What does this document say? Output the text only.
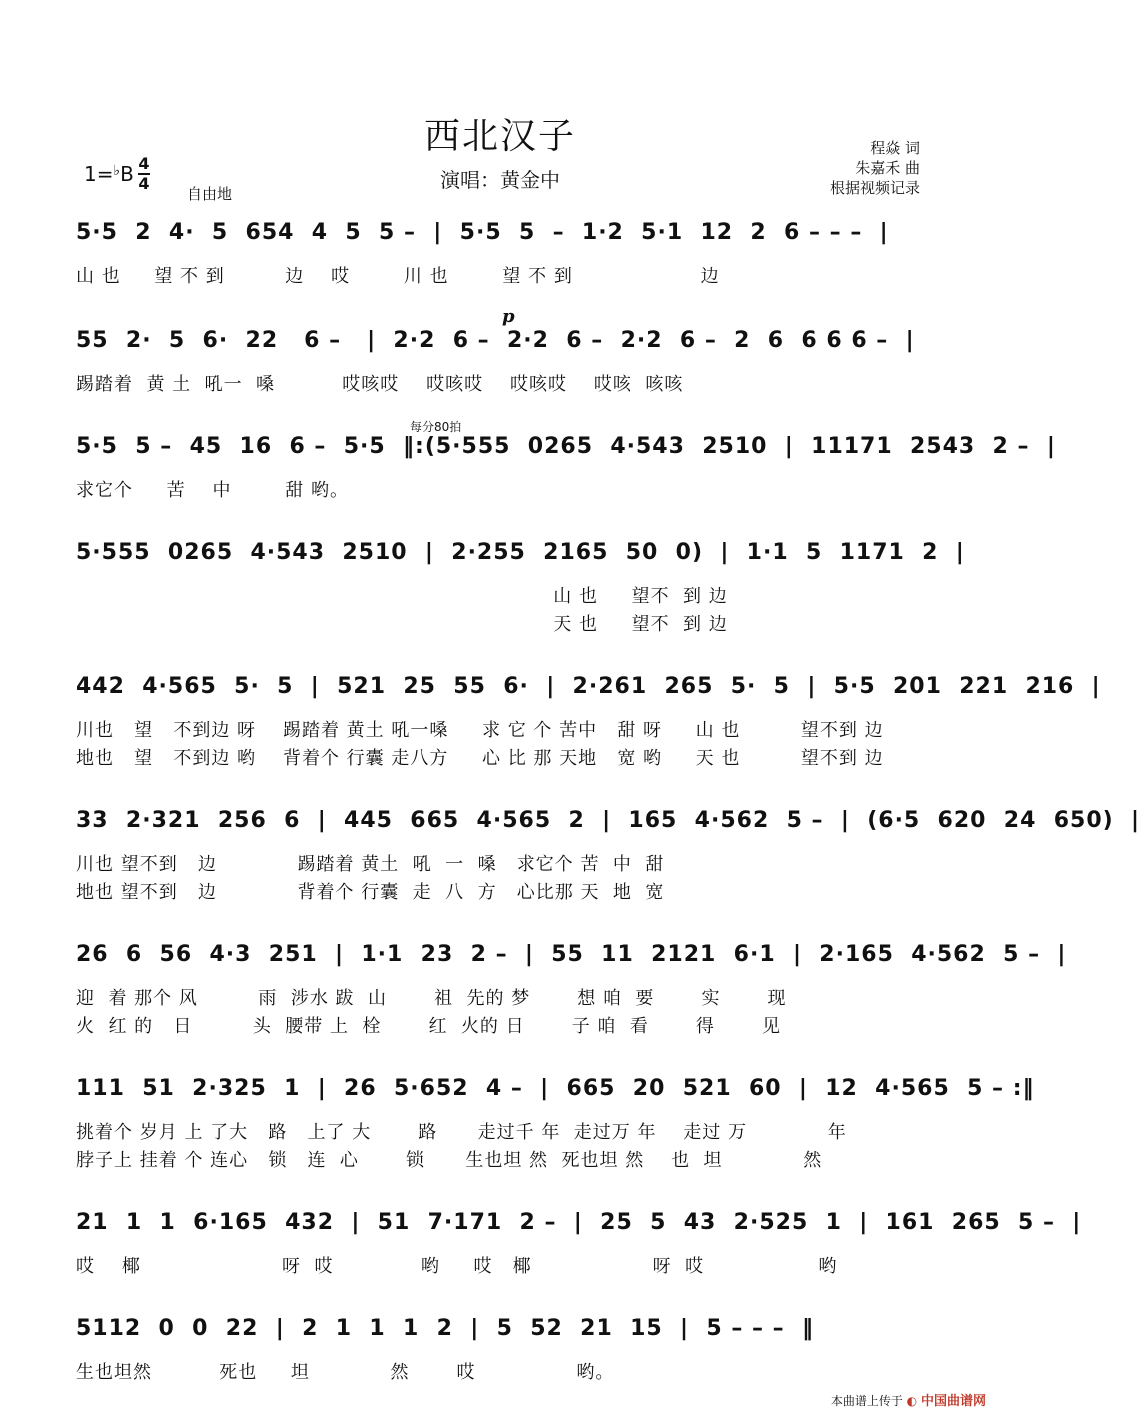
西北汉子
演唱：黄金中
程焱 词
朱嘉禾 曲
根据视频记录
1=♭B 4
4
自由地
每分80拍
p
5·5  2  4·  5  654  4  5  5 –  |  5·5  5  –  1·2  5·1  12  2  6 – – –  |
山 也     望 不 到         边    哎        川 也        望 不 到                   边
55  2·  5  6·  22   6 –   |  2·2  6 –  2·2  6 –  2·2  6 –  2  6  6 6 6 –  |
踢踏着  黄 土  吼一  嗓          哎咳哎    哎咳哎    哎咳哎    哎咳  咳咳
5·5  5 –  45  16  6 –  5·5  ‖:(5·555  0265  4·543  2510  |  11171  2543  2 –  |
求它个     苦    中        甜 哟。
5·555  0265  4·543  2510  |  2·255  2165  50  0)  |  1·1  5  1171  2  |
山 也     望不  到 边
天 也     望不  到 边
442  4·565  5·  5  |  521  25  55  6·  |  2·261  265  5·  5  |  5·5  201  221  216  |
川也   望   不到边 呀    踢踏着 黄土 吼一嗓     求 它 个 苦中   甜 呀     山 也         望不到 边
地也   望   不到边 哟    背着个 行囊 走八方     心 比 那 天地   宽 哟     天 也         望不到 边
33  2·321  256  6  |  445  665  4·565  2  |  165  4·562  5 –  |  (6·5  620  24  650)  |
川也 望不到   边            踢踏着 黄土  吼  一  嗓   求它个 苦  中  甜
地也 望不到   边            背着个 行囊  走  八  方   心比那 天  地  宽
26  6  56  4·3  251  |  1·1  23  2 –  |  55  11  2121  6·1  |  2·165  4·562  5 –  |
迎  着 那个 风         雨  涉水 跋  山       祖  先的 梦       想 咱  要       实       现
火  红 的   日         头  腰带 上  栓       红  火的 日       子 咱  看       得       见
111  51  2·325  1  |  26  5·652  4 –  |  665  20  521  60  |  12  4·565  5 – :‖
挑着个 岁月 上 了大   路   上了 大       路      走过千 年  走过万 年    走过 万            年
脖子上 挂着 个 连心   锁   连  心       锁      生也坦 然  死也坦 然    也  坦            然
21  1  1  6·165  432  |  51  7·171  2 –  |  25  5  43  2·525  1  |  161  265  5 –  |
哎    椰                     呀  哎             哟     哎   椰                  呀  哎                 哟
5112  0  0  22  |  2  1  1  1  2  |  5  52  21  15  |  5 – – –  ‖
生也坦然          死也     坦            然       哎               哟。
本曲谱上传于 ◐ 中国曲谱网
